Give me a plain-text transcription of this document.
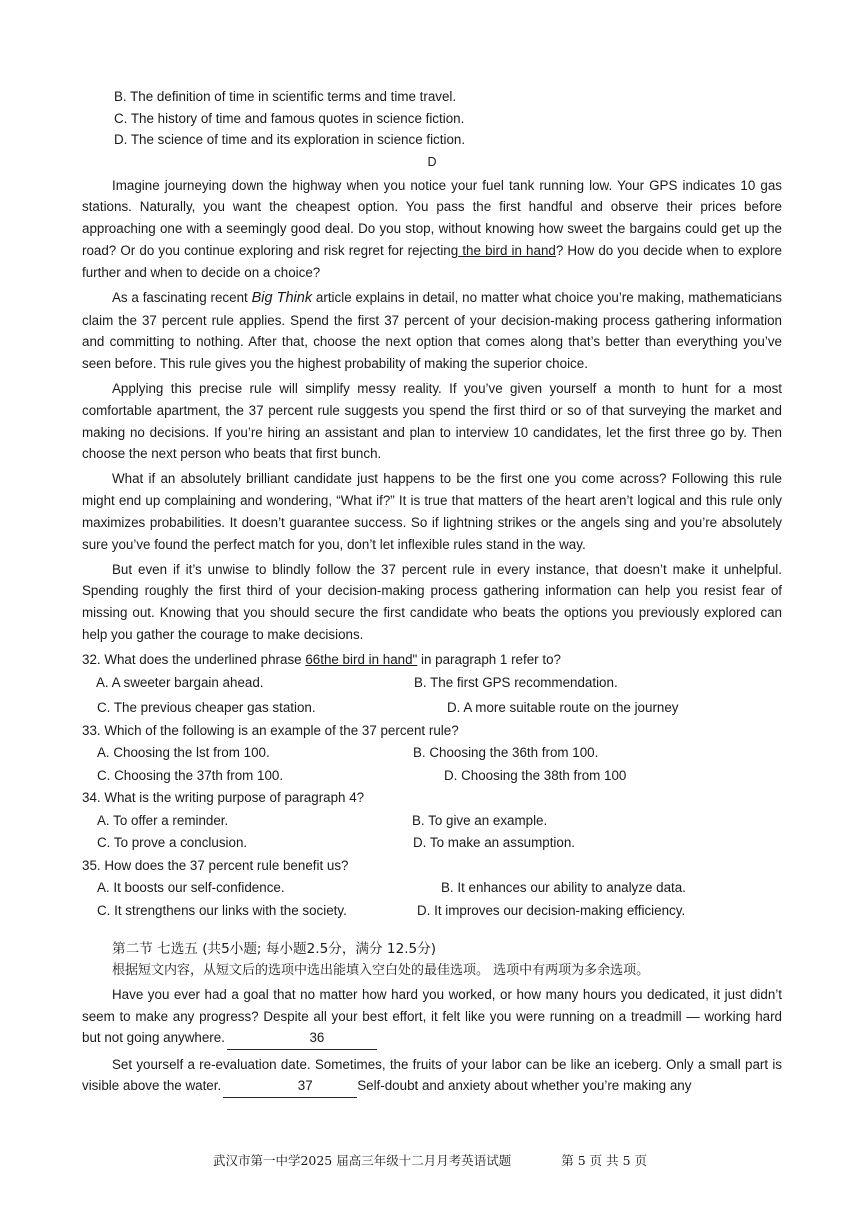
B. The definition of time in scientific terms and time travel.
C. The history of time and famous quotes in science fiction.
D. The science of time and its exploration in science fiction.
D

Imagine journeying down the highway when you notice your fuel tank running low. Your GPS indicates 10 gas stations. Naturally, you want the cheapest option. You pass the first handful and observe their prices before approaching one with a seemingly good deal. Do you stop, without knowing how sweet the bargains could get up the road? Or do you continue exploring and risk regret for rejecting the bird in hand? How do you decide when to explore further and when to decide on a choice?

As a fascinating recent Big Think article explains in detail, no matter what choice you’re making, mathematicians claim the 37 percent rule applies. Spend the first 37 percent of your decision-making process gathering information and committing to nothing. After that, choose the next option that comes along that’s better than everything you’ve seen before. This rule gives you the highest probability of making the superior choice.

Applying this precise rule will simplify messy reality. If you’ve given yourself a month to hunt for a most comfortable apartment, the 37 percent rule suggests you spend the first third or so of that surveying the market and making no decisions. If you’re hiring an assistant and plan to interview 10 candidates, let the first three go by. Then choose the next person who beats that first bunch.

What if an absolutely brilliant candidate just happens to be the first one you come across? Following this rule might end up complaining and wondering, “What if?” It is true that matters of the heart aren’t logical and this rule only maximizes probabilities. It doesn’t guarantee success. So if lightning strikes or the angels sing and you’re absolutely sure you’ve found the perfect match for you, don’t let inflexible rules stand in the way.

But even if it’s unwise to blindly follow the 37 percent rule in every instance, that doesn’t make it unhelpful. Spending roughly the first third of your decision-making process gathering information can help you resist fear of missing out. Knowing that you should secure the first candidate who beats the options you previously explored can help you gather the courage to make decisions.

32. What does the underlined phrase 66the bird in hand" in paragraph 1 refer to?
A. A sweeter bargain ahead.	B. The first GPS recommendation.
C. The previous cheaper gas station.	D. A more suitable route on the journey
33. Which of the following is an example of the 37 percent rule?
A. Choosing the lst from 100.	B. Choosing the 36th from 100.
C. Choosing the 37th from 100.	D. Choosing the 38th from 100
34. What is the writing purpose of paragraph 4?
A. To offer a reminder.	B. To give an example.
C. To prove a conclusion.	D. To make an assumption.
35. How does the 37 percent rule benefit us?
A. It boosts our self-confidence.	B. It enhances our ability to analyze data.
C. It strengthens our links with the society.	D. It improves our decision-making efficiency.
第二节 七选五 (共5小题; 每小题2.5分，满分 12.5分)
根据短文内容，从短文后的选项中选出能填入空白处的最佳选项。 选项中有两项为多余选项。

Have you ever had a goal that no matter how hard you worked, or how many hours you dedicated, it just didn’t seem to make any progress? Despite all your best effort, it felt like you were running on a treadmill — working hard but not going anywhere.	36

Set yourself a re-evaluation date. Sometimes, the fruits of your labor can be like an iceberg. Only a small part is visible above the water.	37	Self-doubt and anxiety about whether you’re making any

武汉市第一中学2025 届高三年级十二月月考英语试题	第 5 页 共 5 页
